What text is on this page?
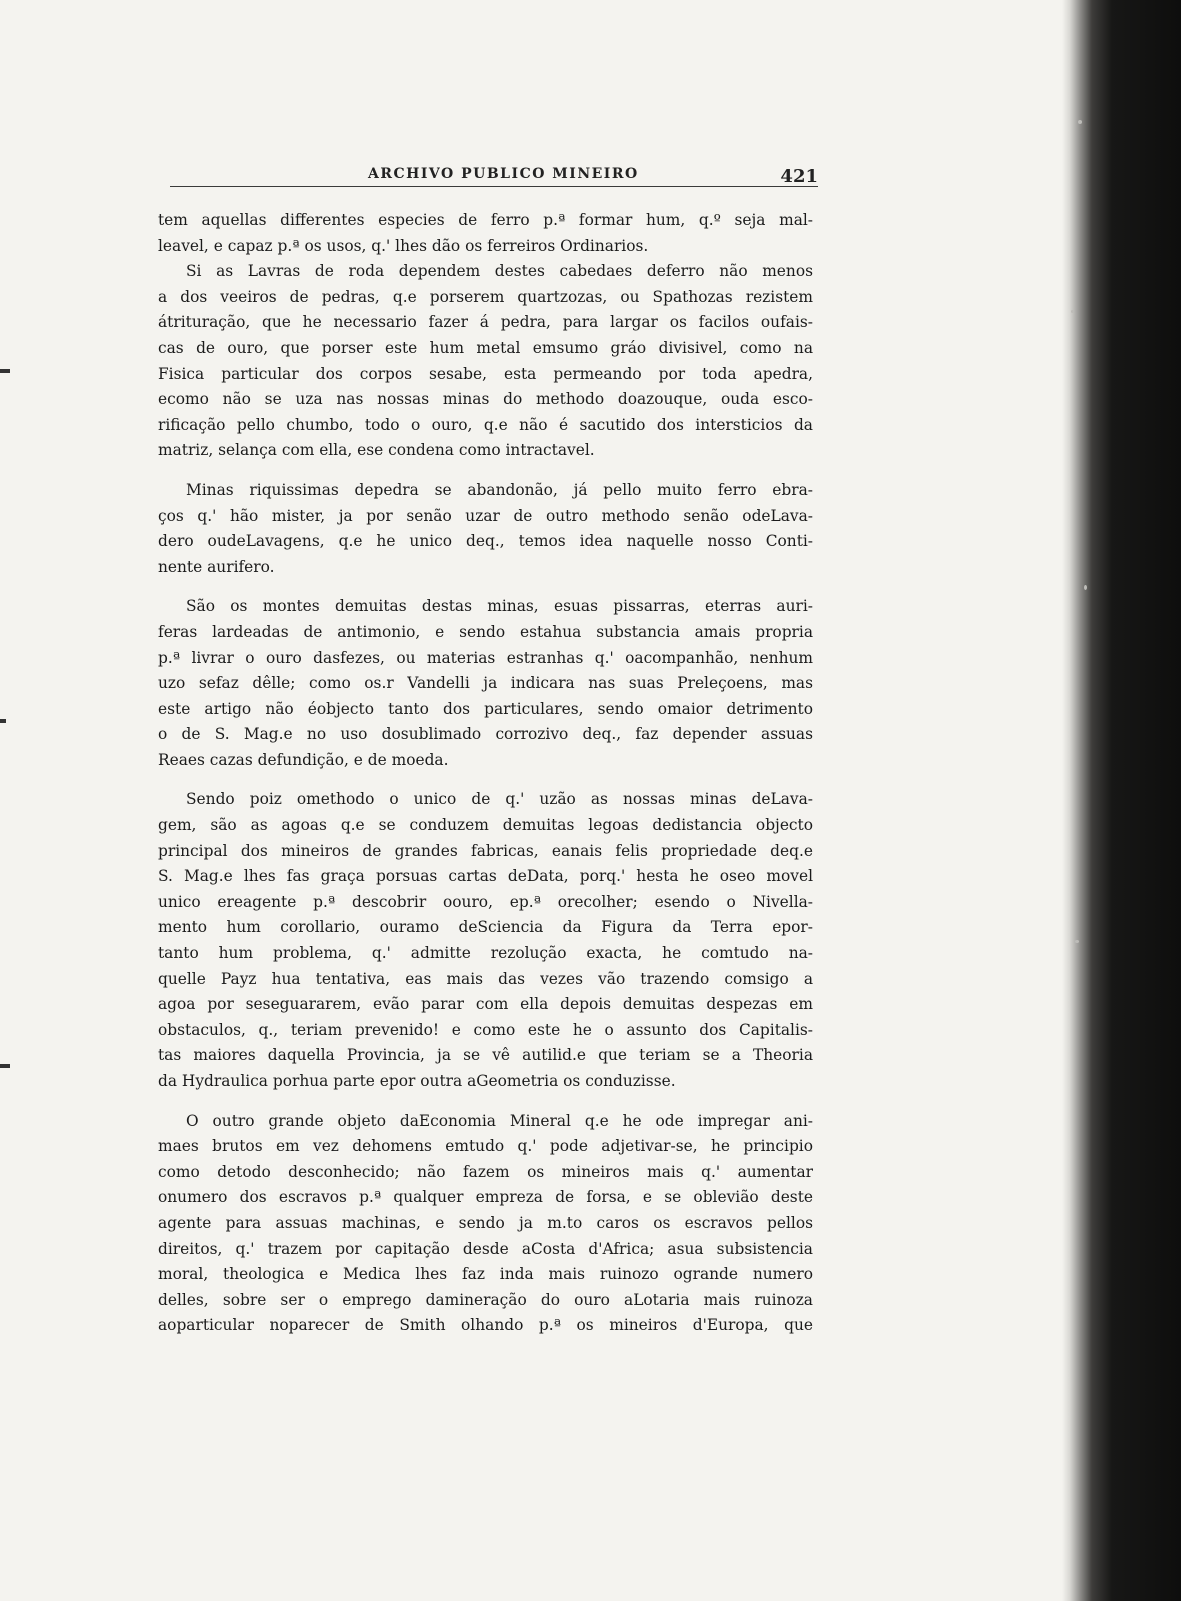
ARCHIVO PUBLICO MINEIRO	421
tem aquellas differentes especies de ferro p.ª formar hum, q.º seja mal-
leavel, e capaz p.ª os usos, q.' lhes dão os ferreiros Ordinarios.
Si as Lavras de roda dependem destes cabedaes deferro não menos
a dos veeiros de pedras, q.e porserem quartzozas, ou Spathozas rezistem
átrituração, que he necessario fazer á pedra, para largar os facilos oufais-
cas de ouro, que porser este hum metal emsumo gráo divisivel, como na
Fisica particular dos corpos sesabe, esta permeando por toda apedra,
ecomo não se uza nas nossas minas do methodo doazouque, ouda esco-
rificação pello chumbo, todo o ouro, q.e não é sacutido dos intersticios da
matriz, selança com ella, ese condena como intractavel.
Minas riquissimas depedra se abandonão, já pello muito ferro ebra-
ços q.' hão mister, ja por senão uzar de outro methodo senão odeLava-
dero oudeLavagens, q.e he unico deq., temos idea naquelle nosso Conti-
nente aurifero.
São os montes demuitas destas minas, esuas pissarras, eterras auri-
feras lardeadas de antimonio, e sendo estahua substancia amais propria
p.ª livrar o ouro dasfezes, ou materias estranhas q.' oacompanhão, nenhum
uzo sefaz dêlle; como os.r Vandelli ja indicara nas suas Preleçoens, mas
este artigo não éobjecto tanto dos particulares, sendo omaior detrimento
o de S. Mag.e no uso dosublimado corrozivo deq., faz depender assuas
Reaes cazas defundição, e de moeda.
Sendo poiz omethodo o unico de q.' uzão as nossas minas deLava-
gem, são as agoas q.e se conduzem demuitas legoas dedistancia objecto
principal dos mineiros de grandes fabricas, eanais felis propriedade deq.e
S. Mag.e lhes fas graça porsuas cartas deData, porq.' hesta he oseo movel
unico ereagente p.ª descobrir oouro, ep.ª orecolher; esendo o Nivella-
mento hum corollario, ouramo deSciencia da Figura da Terra epor-
tanto hum problema, q.' admitte rezolução exacta, he comtudo na-
quelle Payz hua tentativa, eas mais das vezes vão trazendo comsigo a
agoa por seseguararem, evão parar com ella depois demuitas despezas em
obstaculos, q., teriam prevenido! e como este he o assunto dos Capitalis-
tas maiores daquella Provincia, ja se vê autilid.e que teriam se a Theoria
da Hydraulica porhua parte epor outra aGeometria os conduzisse.
O outro grande objeto daEconomia Mineral q.e he ode impregar ani-
maes brutos em vez dehomens emtudo q.' pode adjetivar-se, he principio
como detodo desconhecido; não fazem os mineiros mais q.' aumentar
onumero dos escravos p.ª qualquer empreza de forsa, e se oblevião deste
agente para assuas machinas, e sendo ja m.to caros os escravos pellos
direitos, q.' trazem por capitação desde aCosta d'Africa; asua subsistencia
moral, theologica e Medica lhes faz inda mais ruinozo ogrande numero
delles, sobre ser o emprego damineração do ouro aLotaria mais ruinoza
aoparticular noparecer de Smith olhando p.ª os mineiros d'Europa, que
